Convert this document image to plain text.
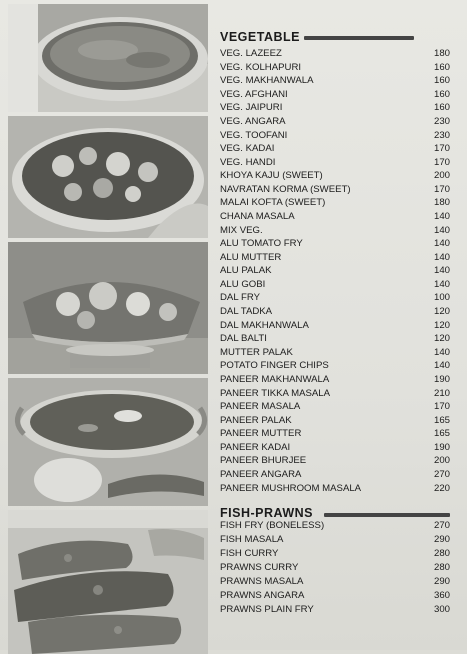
VEGETABLE
VEG. LAZEEZ	180
VEG. KOLHAPURI	160
VEG. MAKHANWALA	160
VEG. AFGHANI	160
VEG. JAIPURI	160
VEG. ANGARA	230
VEG. TOOFANI	230
VEG. KADAI	170
VEG. HANDI	170
KHOYA KAJU (SWEET)	200
NAVRATAN KORMA (SWEET)	170
MALAI KOFTA (SWEET)	180
CHANA MASALA	140
MIX VEG.	140
ALU TOMATO FRY	140
ALU MUTTER	140
ALU PALAK	140
ALU GOBI	140
DAL FRY	100
DAL TADKA	120
DAL MAKHANWALA	120
DAL BALTI	120
MUTTER PALAK	140
POTATO FINGER CHIPS	140
PANEER MAKHANWALA	190
PANEER TIKKA MASALA	210
PANEER MASALA	170
PANEER PALAK	165
PANEER MUTTER	165
PANEER KADAI	190
PANEER BHURJEE	200
PANEER ANGARA	270
PANEER MUSHROOM MASALA	220
FISH-PRAWNS
FISH FRY (BONELESS)	270
FISH MASALA	290
FISH CURRY	280
PRAWNS CURRY	280
PRAWNS MASALA	290
PRAWNS ANGARA	360
PRAWNS PLAIN FRY	300
